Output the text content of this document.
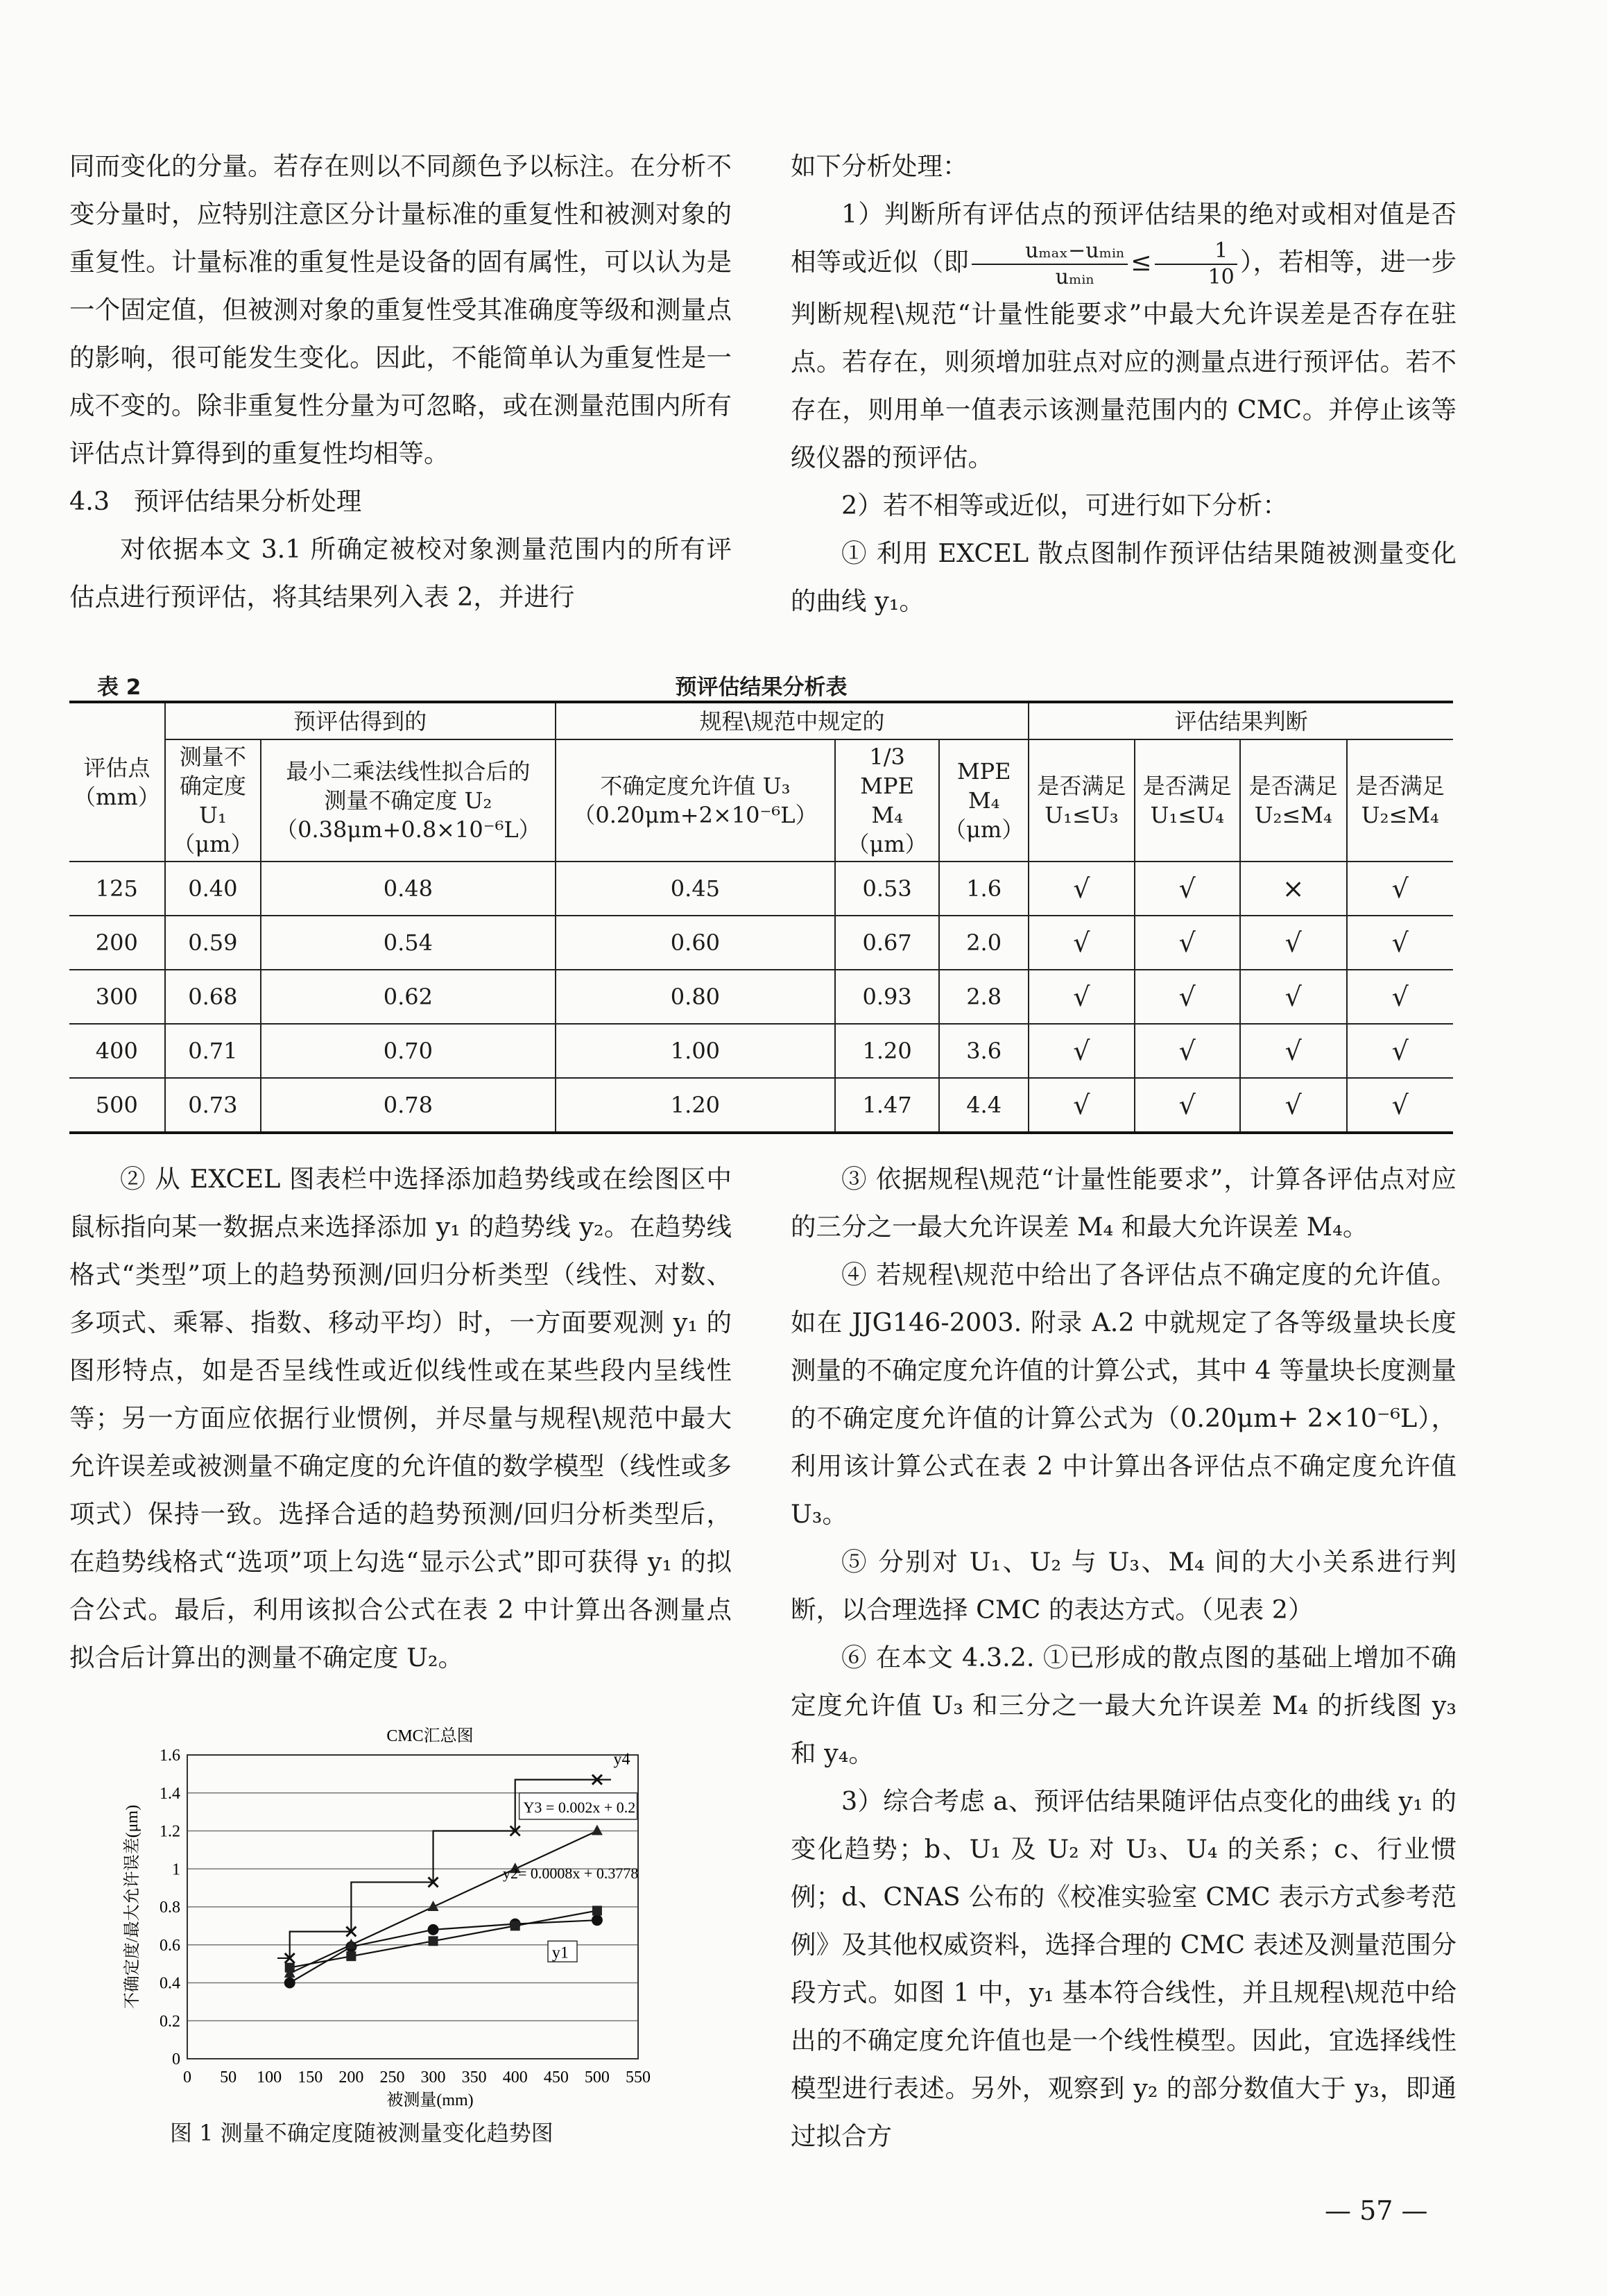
同而变化的分量。若存在则以不同颜色予以标注。在分析不变分量时，应特别注意区分计量标准的重复性和被测对象的重复性。计量标准的重复性是设备的固有属性，可以认为是一个固定值，但被测对象的重复性受其准确度等级和测量点的影响，很可能发生变化。因此，不能简单认为重复性是一成不变的。除非重复性分量为可忽略，或在测量范围内所有评估点计算得到的重复性均相等。

4.3 预评估结果分析处理

对依据本文 3.1 所确定被校对象测量范围内的所有评估点进行预评估，将其结果列入表 2，并进行

如下分析处理：

1）判断所有评估点的预评估结果的绝对或相对值是否相等或近似（即 $\frac{\text{uₘₐₓ−uₘᵢₙ}}{\text{uₘᵢₙ}} \le \frac{1}{10}$ ），若相等，进一步判断规程\规范“计量性能要求”中最大允许误差是否存在驻点。若存在，则须增加驻点对应的测量点进行预评估。若不存在，则用单一值表示该测量范围内的 CMC。并停止该等级仪器的预评估。

2）若不相等或近似，可进行如下分析：

① 利用 EXCEL 散点图制作预评估结果随被测量变化的曲线 y₁。

表 2	预评估结果分析表
评估点（mm）	预评估得到的		规程\规范中规定的			评估结果判断			
	测量不确定度 U₁（μm）	最小二乘法线性拟合后的测量不确定度 U₂（0.38μm+0.8×10⁻⁶L）	不确定度允许值 U₃（0.20μm+2×10⁻⁶L）	1/3 MPE M₄（μm）	MPE M₄（μm）	是否满足 U₁≤U₃	是否满足 U₁≤U₄	是否满足 U₂≤M₄	是否满足 U₂≤M₄
125	0.40	0.48	0.45	0.53	1.6	√	√	×	√
200	0.59	0.54	0.60	0.67	2.0	√	√	√	√
300	0.68	0.62	0.80	0.93	2.8	√	√	√	√
400	0.71	0.70	1.00	1.20	3.6	√	√	√	√
500	0.73	0.78	1.20	1.47	4.4	√	√	√	√

② 从 EXCEL 图表栏中选择添加趋势线或在绘图区中鼠标指向某一数据点来选择添加 y₁ 的趋势线 y₂。在趋势线格式“类型”项上的趋势预测/回归分析类型（线性、对数、多项式、乘幂、指数、移动平均）时，一方面要观测 y₁ 的图形特点，如是否呈线性或近似线性或在某些段内呈线性等；另一方面应依据行业惯例，并尽量与规程\规范中最大允许误差或被测量不确定度的允许值的数学模型（线性或多项式）保持一致。选择合适的趋势预测/回归分析类型后，在趋势线格式“选项”项上勾选“显示公式”即可获得 y₁ 的拟合公式。最后，利用该拟合公式在表 2 中计算出各测量点拟合后计算出的测量不确定度 U₂。

③ 依据规程\规范“计量性能要求”，计算各评估点对应的三分之一最大允许误差 M₄ 和最大允许误差 M₄。

④ 若规程\规范中给出了各评估点不确定度的允许值。如在 JJG146-2003. 附录 A.2 中就规定了各等级量块长度测量的不确定度允许值的计算公式，其中 4 等量块长度测量的不确定度允许值的计算公式为（0.20μm+ 2×10⁻⁶L），利用该计算公式在表 2 中计算出各评估点不确定度允许值 U₃。

⑤ 分别对 U₁、U₂ 与 U₃、M₄ 间的大小关系进行判断，以合理选择 CMC 的表达方式。（见表 2）

⑥ 在本文 4.3.2. ①已形成的散点图的基础上增加不确定度允许值 U₃ 和三分之一最大允许误差 M₄ 的折线图 y₃ 和 y₄。

3）综合考虑 a、预评估结果随评估点变化的曲线 y₁ 的变化趋势；b、U₁ 及 U₂ 对 U₃、U₄ 的关系；c、行业惯例；d、CNAS 公布的《校准实验室 CMC 表示方式参考范例》及其他权威资料，选择合理的 CMC 表述及测量范围分段方式。如图 1 中，y₁ 基本符合线性，并且规程\规范中给出的不确定度允许值也是一个线性模型。因此，宜选择线性模型进行表述。另外，观察到 y₂ 的部分数值大于 y₃，即通过拟合方

CMC汇总图
不确定度/最大允许误差(μm)
被测量(mm)
0
0.2
0.4
0.6
0.8
1
1.2
1.4
1.6
0 50 100 150 200 250 300 350 400 450 500 550
y4
Y3 = 0.002x + 0.2
y2= 0.0008x + 0.3778
y1
图 1 测量不确定度随被测量变化趋势图
— 57 —
